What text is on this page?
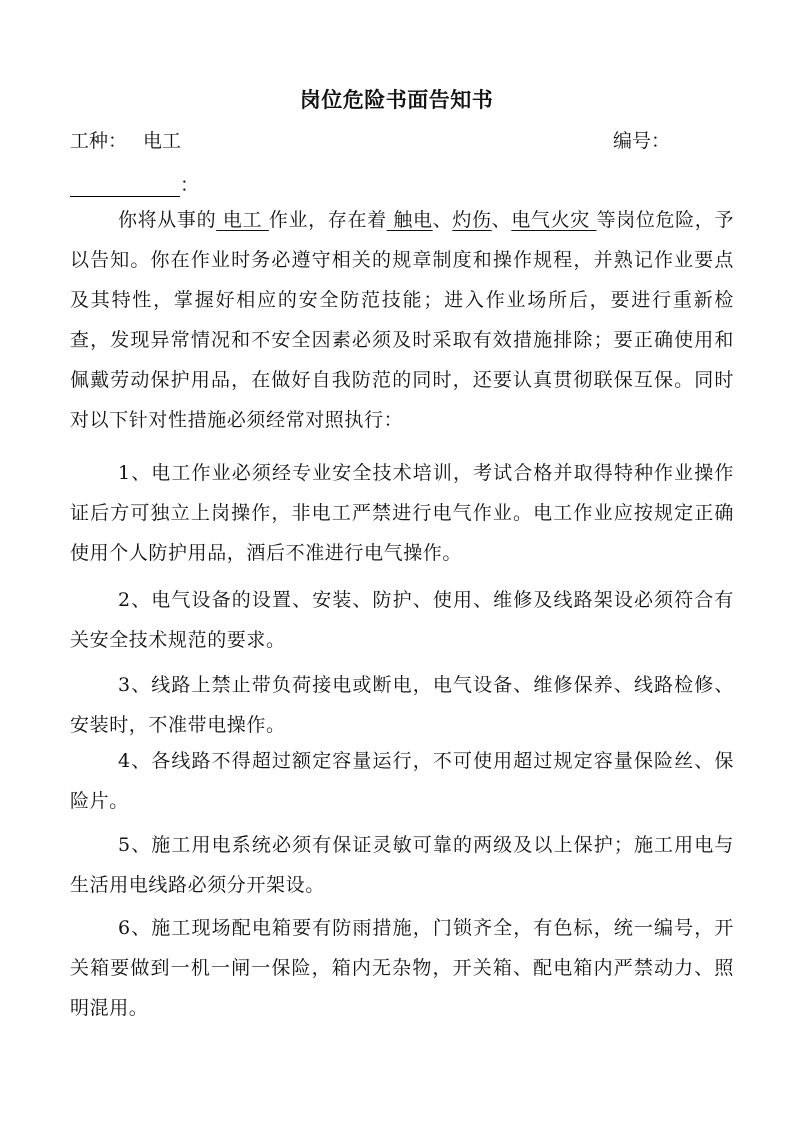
岗位危险书面告知书
工种： 电工	编号：
：
你将从事的 电工 作业，存在着 触电、灼伤、电气火灾 等岗位危险，予以告知。你在作业时务必遵守相关的规章制度和操作规程，并熟记作业要点及其特性，掌握好相应的安全防范技能；进入作业场所后，要进行重新检查，发现异常情况和不安全因素必须及时采取有效措施排除；要正确使用和佩戴劳动保护用品，在做好自我防范的同时，还要认真贯彻联保互保。同时对以下针对性措施必须经常对照执行：
1、电工作业必须经专业安全技术培训，考试合格并取得特种作业操作证后方可独立上岗操作，非电工严禁进行电气作业。电工作业应按规定正确使用个人防护用品，酒后不准进行电气操作。
2、电气设备的设置、安装、防护、使用、维修及线路架设必须符合有关安全技术规范的要求。
3、线路上禁止带负荷接电或断电，电气设备、维修保养、线路检修、安装时，不准带电操作。
4、各线路不得超过额定容量运行，不可使用超过规定容量保险丝、保险片。
5、施工用电系统必须有保证灵敏可靠的两级及以上保护；施工用电与生活用电线路必须分开架设。
6、施工现场配电箱要有防雨措施，门锁齐全，有色标，统一编号，开关箱要做到一机一闸一保险，箱内无杂物，开关箱、配电箱内严禁动力、照明混用。
